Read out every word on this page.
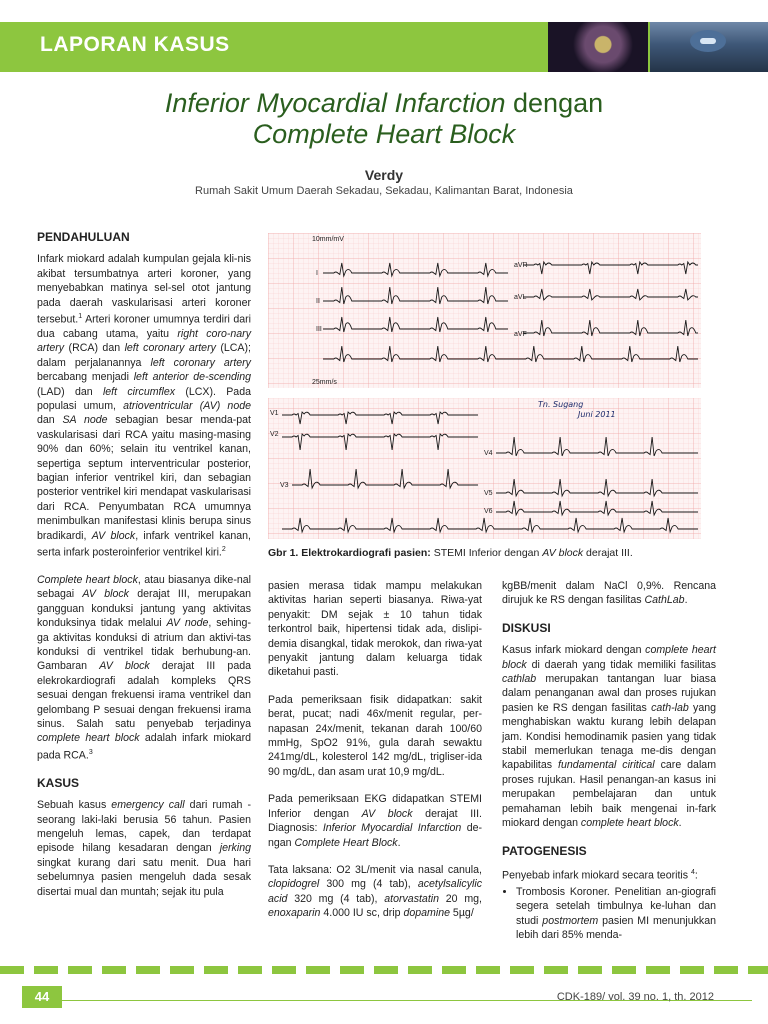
LAPORAN KASUS
Inferior Myocardial Infarction dengan
Complete Heart Block
Verdy
Rumah Sakit Umum Daerah Sekadau, Sekadau, Kalimantan Barat, Indonesia
PENDAHULUAN

Infark miokard adalah kumpulan gejala kli-nis akibat tersumbatnya arteri koroner, yang menyebabkan matinya sel-sel otot jantung pada daerah vaskularisasi arteri koroner tersebut.$^1$ Arteri koroner umumnya terdiri dari dua cabang utama, yaitu right coro-nary artery (RCA) dan left coronary artery (LCA); dalam perjalanannya left coronary artery bercabang menjadi left anterior de-scending (LAD) dan left circumflex (LCX). Pada populasi umum, atrioventricular (AV) node dan SA node sebagian besar menda-pat vaskularisasi dari RCA yaitu masing-masing 90% dan 60%; selain itu ventrikel kanan, sepertiga septum interventricular posterior, bagian inferior ventrikel kiri, dan sebagian posterior ventrikel kiri mendapat vaskularisasi dari RCA. Penyumbatan RCA umumnya menimbulkan manifestasi klinis berupa sinus bradikardi, AV block, infark ventrikel kanan, serta infark posteroinferior ventrikel kiri.$^2$

Complete heart block, atau biasanya dike-nal sebagai AV block derajat III, merupakan gangguan konduksi jantung yang aktivitas konduksinya tidak melalui AV node, sehing-ga aktivitas konduksi di atrium dan aktivi-tas konduksi di ventrikel tidak berhubung-an. Gambaran AV block derajat III pada elekrokardiografi adalah kompleks QRS sesuai dengan frekuensi irama ventrikel dan gelombang P sesuai dengan frekuensi irama sinus. Salah satu penyebab terjadinya complete heart block adalah infark miokard pada RCA.$^3$

KASUS

Sebuah kasus emergency call dari rumah - seorang laki-laki berusia 56 tahun. Pasien mengeluh lemas, capek, dan terdapat episode hilang kesadaran dengan jerking singkat kurang dari satu menit. Dua hari sebelumnya pasien mengeluh dada sesak disertai mual dan muntah; sejak itu pula

10mm/mV
25mm/s
I
II
III
aVR
aVL
aVF
V1
V2
V3
V4
V5
V6
Tn. Sugang
Juni 2011
Gbr 1. Elektrokardiografi pasien: STEMI Inferior dengan AV block derajat III.

pasien merasa tidak mampu melakukan aktivitas harian seperti biasanya. Riwa-yat penyakit: DM sejak ± 10 tahun tidak terkontrol baik, hipertensi tidak ada, dislipi-demia disangkal, tidak merokok, dan riwa-yat penyakit jantung dalam keluarga tidak diketahui pasti.

Pada pemeriksaan fisik didapatkan: sakit berat, pucat; nadi 46x/menit regular, per-napasan 24x/menit, tekanan darah 100/60 mmHg, SpO2 91%, gula darah sewaktu 241mg/dL, kolesterol 142 mg/dL, trigliser-ida 90 mg/dL, dan asam urat 10,9 mg/dL.

Pada pemeriksaan EKG didapatkan STEMI Inferior dengan AV block derajat III. Diagnosis: Inferior Myocardial Infarction de-ngan Complete Heart Block.

Tata laksana: O2 3L/menit via nasal canula, clopidogrel 300 mg (4 tab), acetylsalicylic acid 320 mg (4 tab), atorvastatin 20 mg, enoxaparin 4.000 IU sc, drip dopamine 5µg/

kgBB/menit dalam NaCl 0,9%. Rencana dirujuk ke RS dengan fasilitas CathLab.

DISKUSI

Kasus infark miokard dengan complete heart block di daerah yang tidak memiliki fasilitas cathlab merupakan tantangan luar biasa dalam penanganan awal dan proses rujukan pasien ke RS dengan fasilitas cath-lab yang menghabiskan waktu kurang lebih delapan jam. Kondisi hemodinamik pasien yang tidak stabil memerlukan tenaga me-dis dengan kapabilitas fundamental ciritical care dalam proses rujukan. Hasil penangan-an kasus ini merupakan pembelajaran dan untuk pemahaman lebih baik mengenai in-fark miokard dengan complete heart block.

PATOGENESIS

Penyebab infark miokard secara teoritis $^4$:

• Trombosis Koroner. Penelitian an-giografi segera setelah timbulnya ke-luhan dan studi postmortem pasien MI menunjukkan lebih dari 85% menda-
44	CDK-189/ vol. 39 no. 1, th. 2012
